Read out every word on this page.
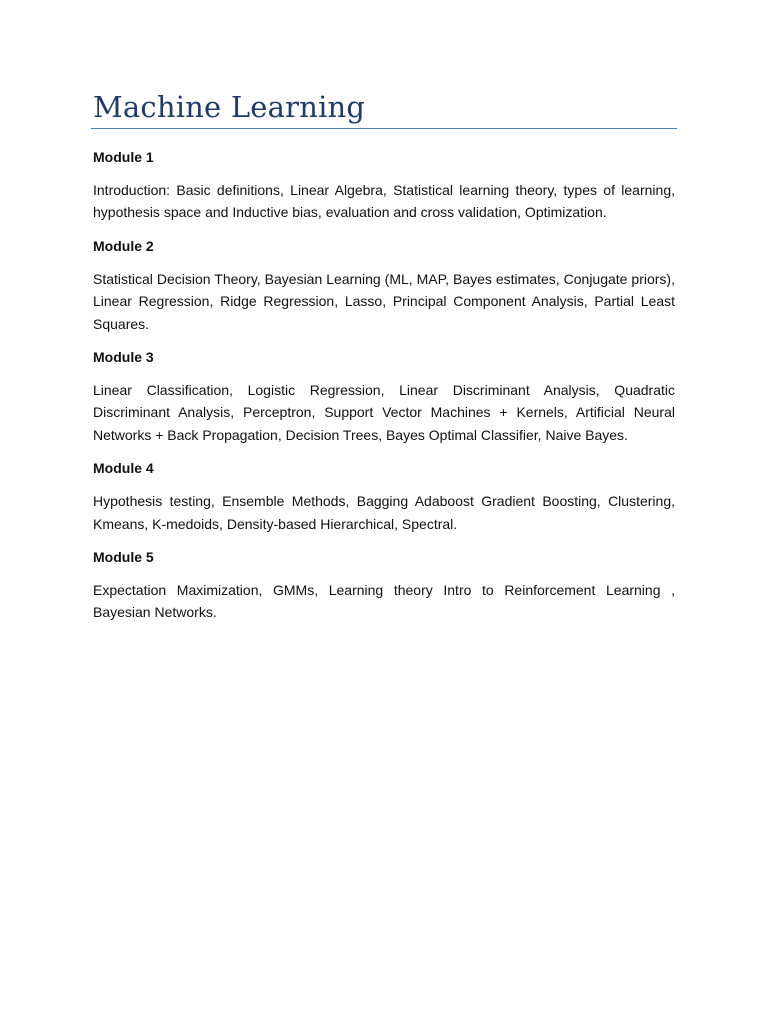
Machine Learning
Module 1

Introduction: Basic definitions, Linear Algebra, Statistical learning theory, types of learning, hypothesis space and Inductive bias, evaluation and cross validation, Optimization.

Module 2

Statistical Decision Theory, Bayesian Learning (ML, MAP, Bayes estimates, Conjugate priors), Linear Regression, Ridge Regression, Lasso, Principal Component Analysis, Partial Least Squares.

Module 3

Linear Classification, Logistic Regression, Linear Discriminant Analysis, Quadratic Discriminant Analysis, Perceptron, Support Vector Machines + Kernels, Artificial Neural Networks + Back Propagation, Decision Trees, Bayes Optimal Classifier, Naive Bayes.

Module 4

Hypothesis testing, Ensemble Methods, Bagging Adaboost Gradient Boosting, Clustering, Kmeans, K-medoids, Density-based Hierarchical, Spectral.

Module 5

Expectation Maximization, GMMs, Learning theory Intro to Reinforcement Learning , Bayesian Networks.
